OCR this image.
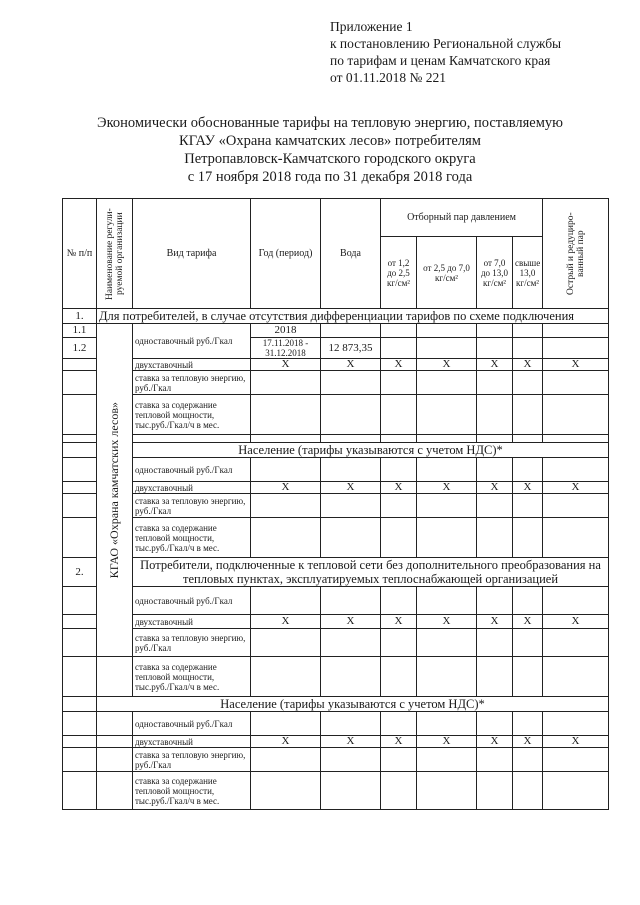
Приложение 1
к постановлению Региональной службы
по тарифам и ценам Камчатского края
от 01.11.2018 № 221
Экономически обоснованные тарифы на тепловую энергию, поставляемую
КГАУ «Охрана камчатских лесов» потребителям
Петропавловск-Камчатского городского округа
с 17 ноября 2018 года по 31 декабря 2018 года
№ п/п	Наименование регули-руемой организации	Вид тарифа	Год (период)	Вода	Отборный пар давлением				Острый и редуциро-ванный пар

					от 1,2 до 2,5 кг/см²	от 2,5 до 7,0 кг/см²	от 7,0 до 13,0 кг/см²	свыше 13,0 кг/см²	
1.	Для потребителей, в случае отсутствия дифференциации тарифов по схеме подключения								
1.1	КГАО «Охрана камчатских лесов»	одноставочный руб./Гкал	2018						
1.2			17.11.2018 - 31.12.2018	12 873,35					
		двухставочный	X	X	X	X	X	X	X
		ставка за тепловую энергию, руб./Гкал							
		ставка за содержание тепловой мощности, тыс.руб./Гкал/ч в мес.							

		Население (тарифы указываются с учетом НДС)*							
		одноставочный руб./Гкал							
		двухставочный	X	X	X	X	X	X	X
		ставка за тепловую энергию, руб./Гкал							
		ставка за содержание тепловой мощности, тыс.руб./Гкал/ч в мес.							
2.		Потребители, подключенные к тепловой сети без дополнительного преобразования на тепловых пунктах, эксплуатируемых теплоснабжающей организацией							
		одноставочный руб./Гкал							
		двухставочный	X	X	X	X	X	X	X
		ставка за тепловую энергию, руб./Гкал							
		ставка за содержание тепловой мощности, тыс.руб./Гкал/ч в мес.							
	Население (тарифы указываются с учетом НДС)*								
		одноставочный руб./Гкал							
		двухставочный	X	X	X	X	X	X	X
		ставка за тепловую энергию, руб./Гкал							
		ставка за содержание тепловой мощности, тыс.руб./Гкал/ч в мес.							
